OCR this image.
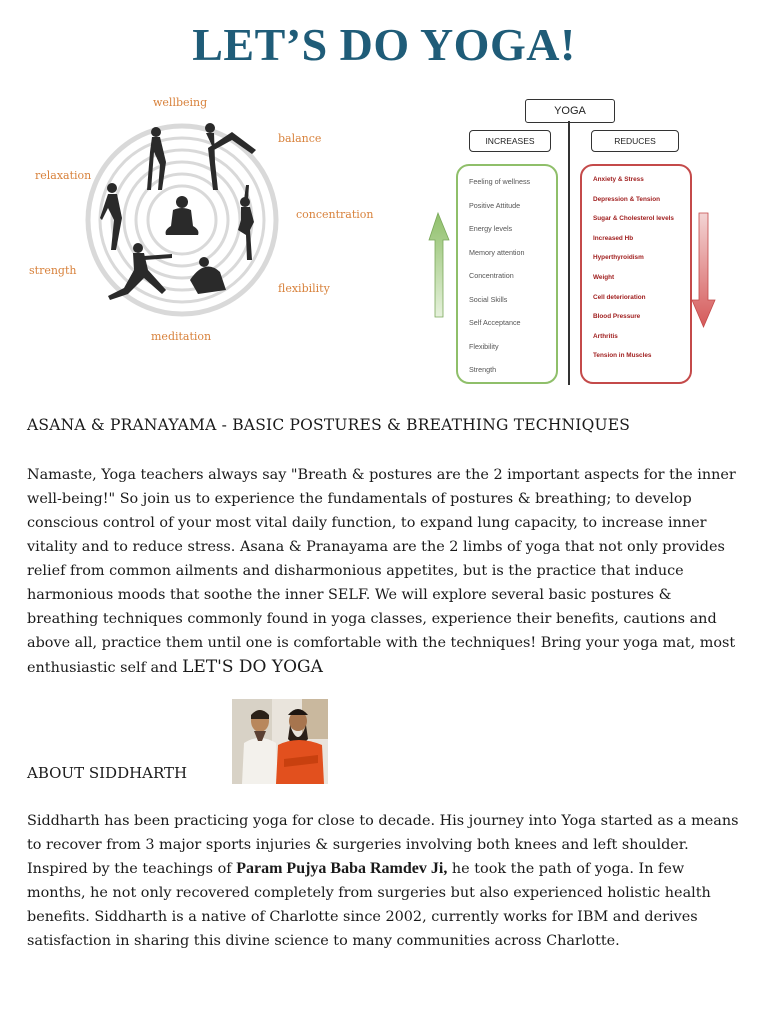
LET’S DO YOGA!
wellbeing
balance
relaxation
concentration
strength
flexibility
meditation
YOGA
INCREASES	REDUCES
Feeling of wellness
Positive Attitude
Energy levels
Memory attention
Concentration
Social Skills
Self Acceptance
Flexibility
Strength
Anxiety & Stress
Depression & Tension
Sugar & Cholesterol levels
Increased Hb
Hyperthyroidism
Weight
Cell deterioration
Blood Pressure
Arthritis
Tension in Muscles
ASANA & PRANAYAMA - BASIC POSTURES & BREATHING TECHNIQUES

Namaste, Yoga teachers always say "Breath & postures are the 2 important aspects for the inner well-being!" So join us to experience the fundamentals of postures & breathing; to develop conscious control of your most vital daily function, to expand lung capacity, to increase inner vitality and to reduce stress. Asana & Pranayama are the 2 limbs of yoga that not only provides relief from common ailments and disharmonious appetites, but is the practice that induce harmonious moods that soothe the inner SELF. We will explore several basic postures & breathing techniques commonly found in yoga classes, experience their benefits, cautions and above all, practice them until one is comfortable with the techniques! Bring your yoga mat, most enthusiastic self and LET'S DO YOGA

ABOUT SIDDHARTH

Siddharth has been practicing yoga for close to decade. His journey into Yoga started as a means to recover from 3 major sports injuries & surgeries involving both knees and left shoulder. Inspired by the teachings of Param Pujya Baba Ramdev Ji, he took the path of yoga. In few months, he not only recovered completely from surgeries but also experienced holistic health benefits. Siddharth is a native of Charlotte since 2002, currently works for IBM and derives satisfaction in sharing this divine science to many communities across Charlotte.
